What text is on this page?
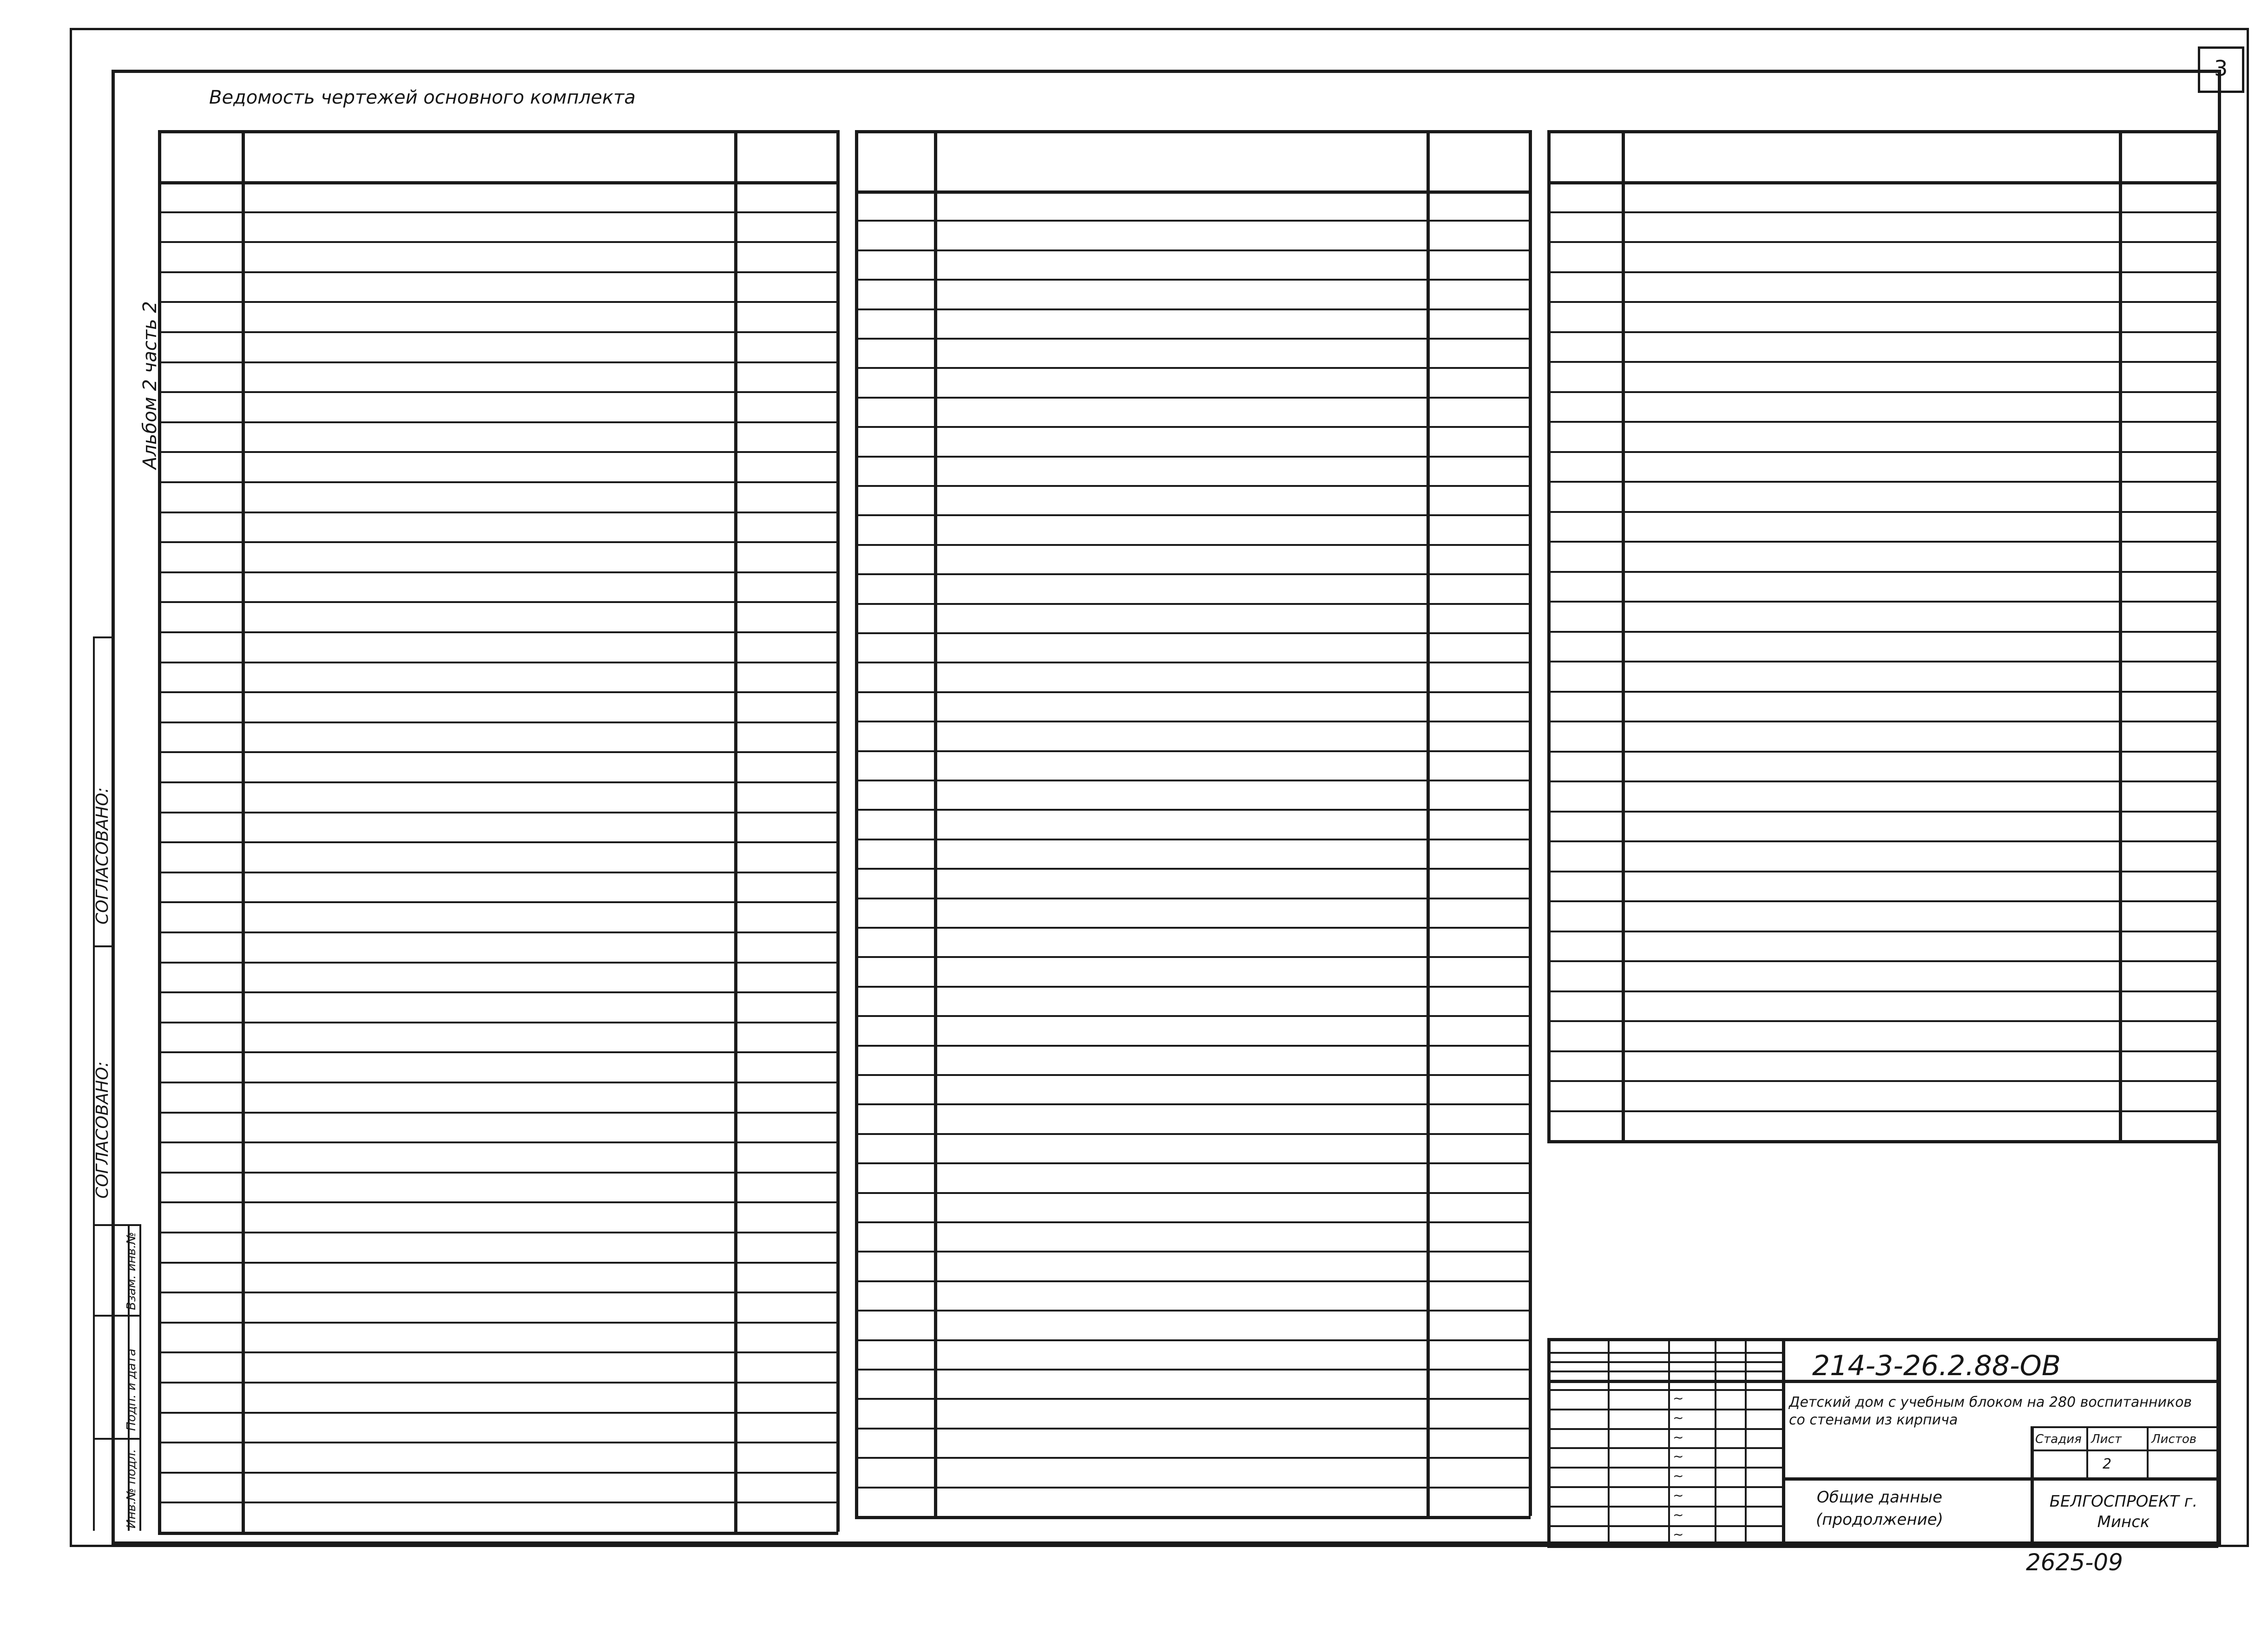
3
Ведомость чертежей основного комплекта
Альбом 2 часть 2
СОГЛАСОВАНО:
СОГЛАСОВАНО:
Взам. инв.№
Подп. и дата
Инв.№ подл.
214-3-26.2.88-ОВ
Детский дом с учебным блоком на 280 воспитанников со стенами из кирпича
Общие данные (продолжение)
БЕЛГОСПРОЕКТ г. Минск
Стадия Лист Листов
2
2625-09
~
~
~
~
~
~
~
~
